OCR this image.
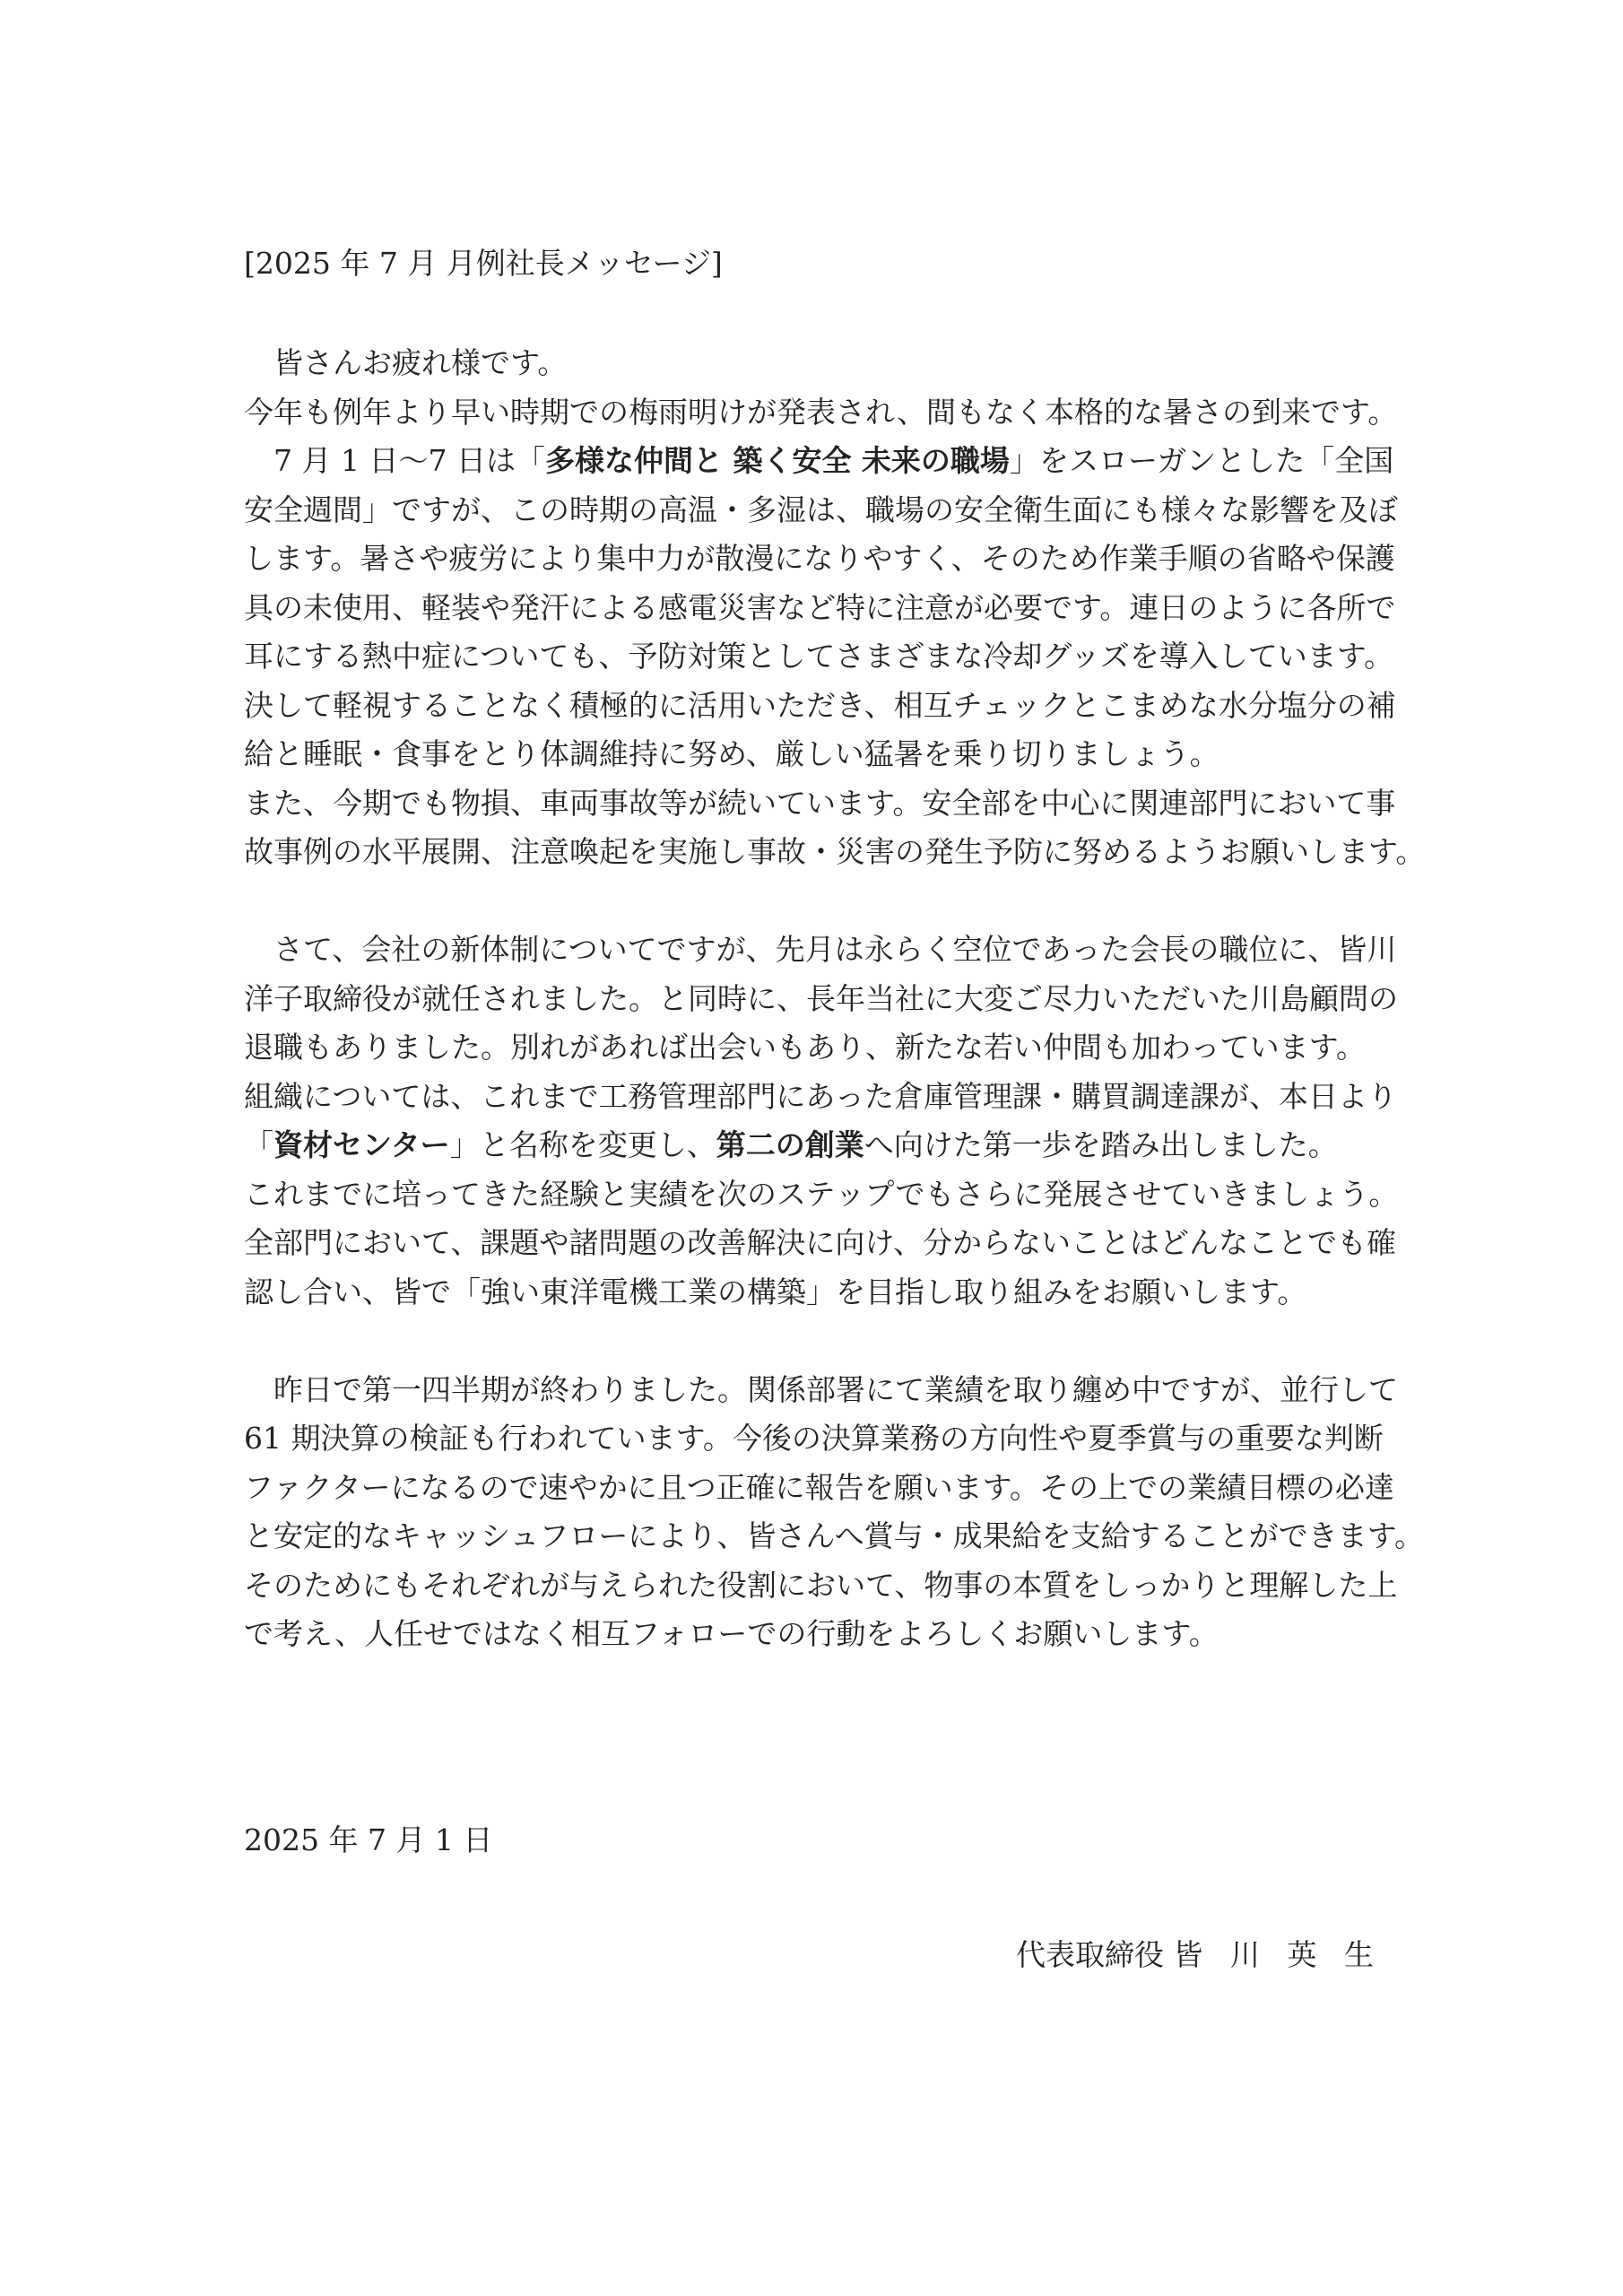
[2025 年 7 月 月例社長メッセージ]
皆さんお疲れ様です。
今年も例年より早い時期での梅雨明けが発表され、間もなく本格的な暑さの到来です。
7 月 1 日〜7 日は「多様な仲間と 築く安全 未来の職場」をスローガンとした「全国
安全週間」ですが、この時期の高温・多湿は、職場の安全衛生面にも様々な影響を及ぼ
します。暑さや疲労により集中力が散漫になりやすく、そのため作業手順の省略や保護
具の未使用、軽装や発汗による感電災害など特に注意が必要です。連日のように各所で
耳にする熱中症についても、予防対策としてさまざまな冷却グッズを導入しています。
決して軽視することなく積極的に活用いただき、相互チェックとこまめな水分塩分の補
給と睡眠・食事をとり体調維持に努め、厳しい猛暑を乗り切りましょう。
また、今期でも物損、車両事故等が続いています。安全部を中心に関連部門において事
故事例の水平展開、注意喚起を実施し事故・災害の発生予防に努めるようお願いします。
さて、会社の新体制についてですが、先月は永らく空位であった会長の職位に、皆川
洋子取締役が就任されました。と同時に、長年当社に大変ご尽力いただいた川島顧問の
退職もありました。別れがあれば出会いもあり、新たな若い仲間も加わっています。
組織については、これまで工務管理部門にあった倉庫管理課・購買調達課が、本日より
「資材センター」と名称を変更し、第二の創業へ向けた第一歩を踏み出しました。
これまでに培ってきた経験と実績を次のステップでもさらに発展させていきましょう。
全部門において、課題や諸問題の改善解決に向け、分からないことはどんなことでも確
認し合い、皆で「強い東洋電機工業の構築」を目指し取り組みをお願いします。
昨日で第一四半期が終わりました。関係部署にて業績を取り纏め中ですが、並行して
61 期決算の検証も行われています。今後の決算業務の方向性や夏季賞与の重要な判断
ファクターになるので速やかに且つ正確に報告を願います。その上での業績目標の必達
と安定的なキャッシュフローにより、皆さんへ賞与・成果給を支給することができます。
そのためにもそれぞれが与えられた役割において、物事の本質をしっかりと理解した上
で考え、人任せではなく相互フォローでの行動をよろしくお願いします。
2025 年 7 月 1 日
代表取締役 皆 川 英 生
